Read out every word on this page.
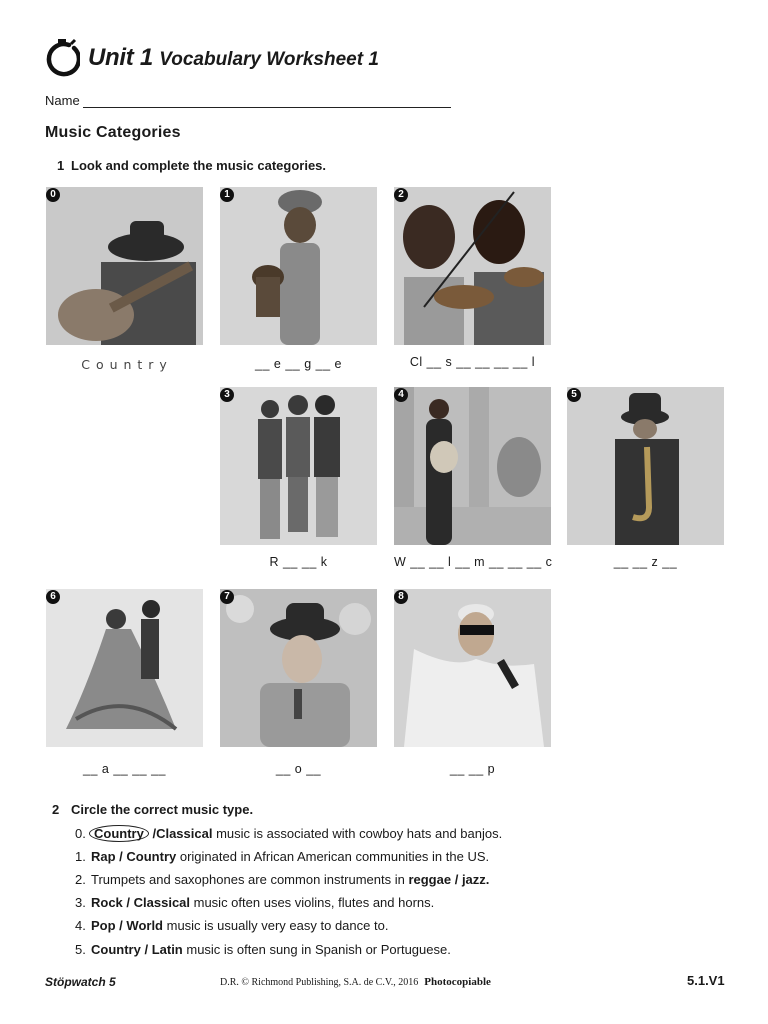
Unit 1 Vocabulary Worksheet 1
Name
Music Categories
1 Look and complete the music categories.
0
C o u n t r y
1
__ e __ g __ e
2
Cl __ s __ __ __ __ l
3
R __ __ k
4
W __ __ l __ m __ __ __ c
5
__ __ z __
6
__ a __ __ __
7
__ o __
8
__ __ p
2 Circle the correct music type.
0. Country /Classical music is associated with cowboy hats and banjos.
1. Rap / Country originated in African American communities in the US.
2. Trumpets and saxophones are common instruments in reggae / jazz.
3. Rock / Classical music often uses violins, flutes and horns.
4. Pop / World music is usually very easy to dance to.
5. Country / Latin music is often sung in Spanish or Portuguese.
Stöpwatch 5	D.R. © Richmond Publishing, S.A. de C.V., 2016 Photocopiable	5.1.V1
